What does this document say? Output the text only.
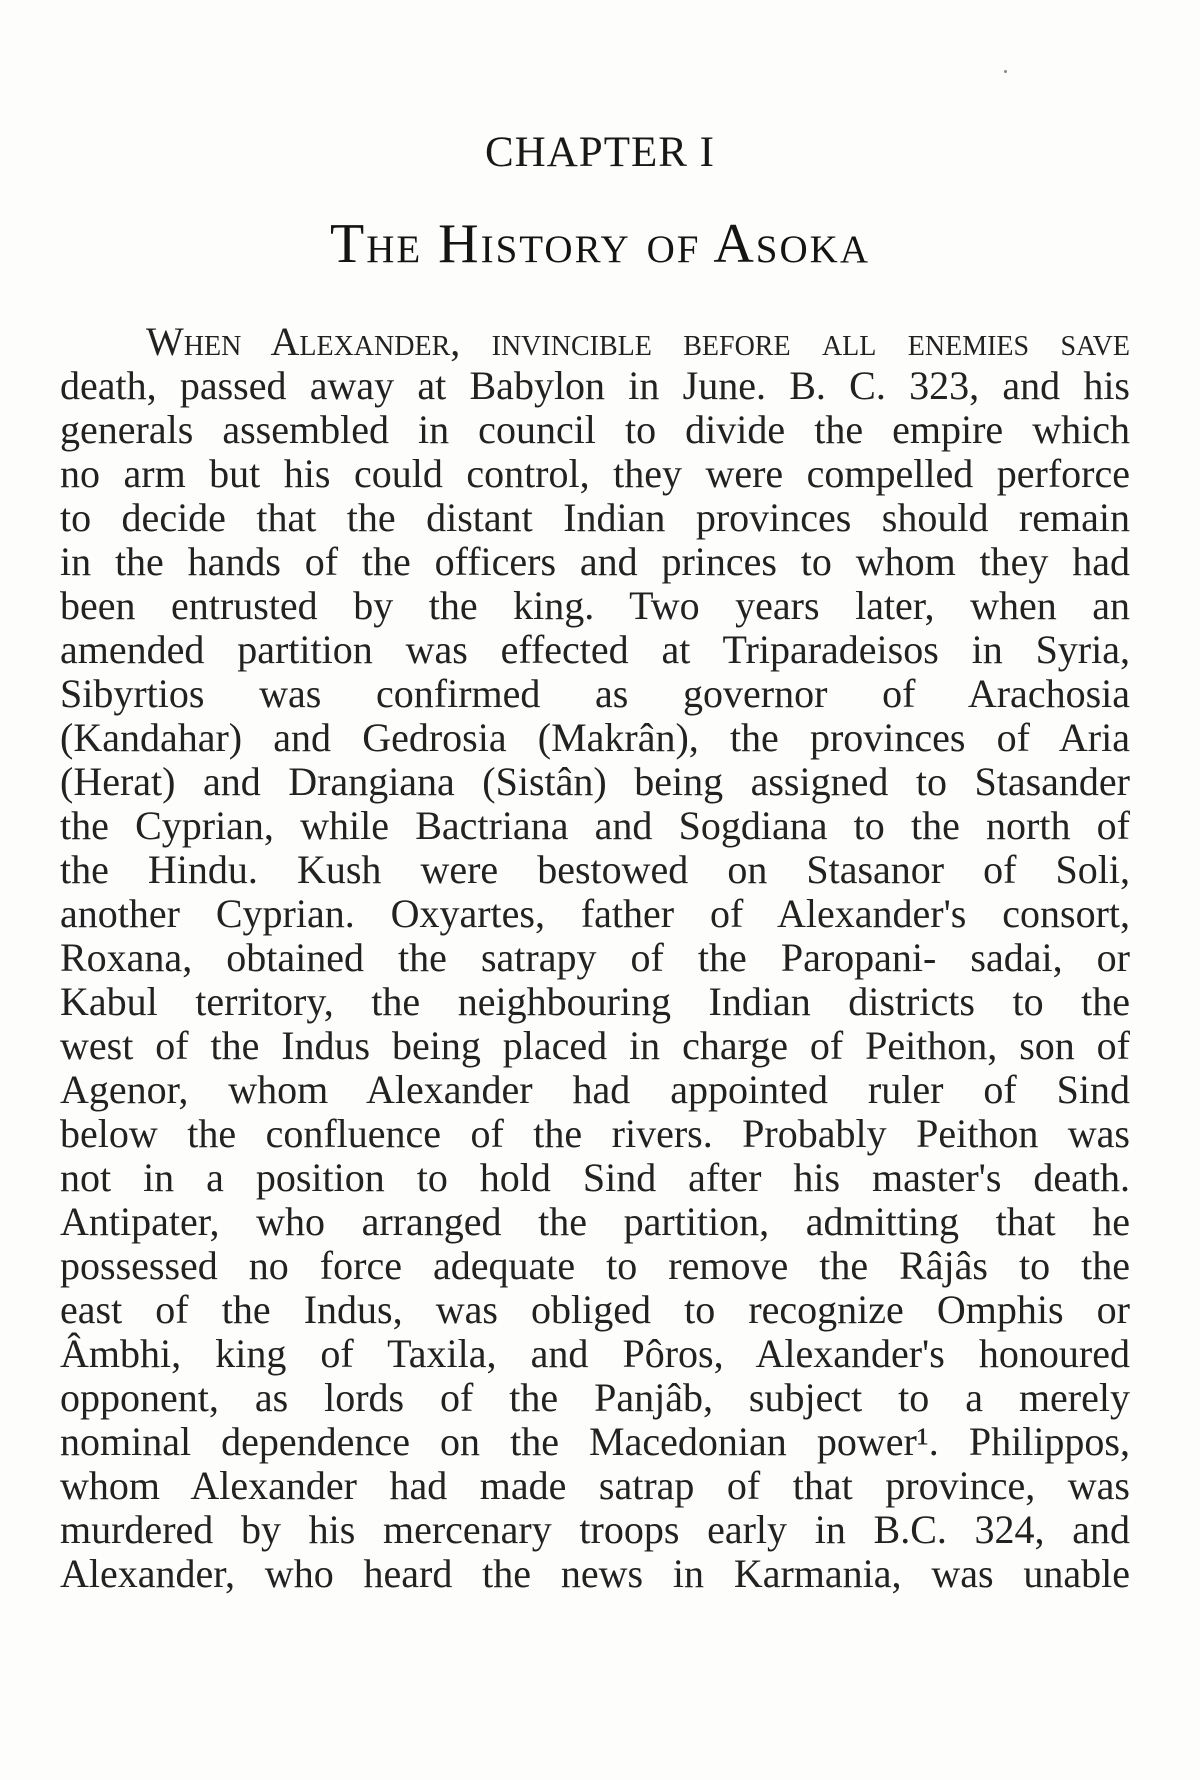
CHAPTER I
The History of Asoka
When Alexander, invincible before all enemies save
death, passed away at Babylon in June. B. C. 323, and his
generals assembled in council to divide the empire which
no arm but his could control, they were compelled perforce
to decide that the distant Indian provinces should remain
in the hands of the officers and princes to whom they had
been entrusted by the king. Two years later, when an
amended partition was effected at Triparadeisos in Syria,
Sibyrtios was confirmed as governor of Arachosia
(Kandahar) and Gedrosia (Makrân), the provinces of Aria
(Herat) and Drangiana (Sistân) being assigned to Stasander
the Cyprian, while Bactriana and Sogdiana to the north of
the Hindu. Kush were bestowed on Stasanor of Soli,
another Cyprian. Oxyartes, father of Alexander's consort,
Roxana, obtained the satrapy of the Paropani- sadai, or
Kabul territory, the neighbouring Indian districts to the
west of the Indus being placed in charge of Peithon, son of
Agenor, whom Alexander had appointed ruler of Sind
below the confluence of the rivers. Probably Peithon was
not in a position to hold Sind after his master's death.
Antipater, who arranged the partition, admitting that he
possessed no force adequate to remove the Râjâs to the
east of the Indus, was obliged to recognize Omphis or
Âmbhi, king of Taxila, and Pôros, Alexander's honoured
opponent, as lords of the Panjâb, subject to a merely
nominal dependence on the Macedonian power¹. Philippos,
whom Alexander had made satrap of that province, was
murdered by his mercenary troops early in B.C. 324, and
Alexander, who heard the news in Karmania, was unable
